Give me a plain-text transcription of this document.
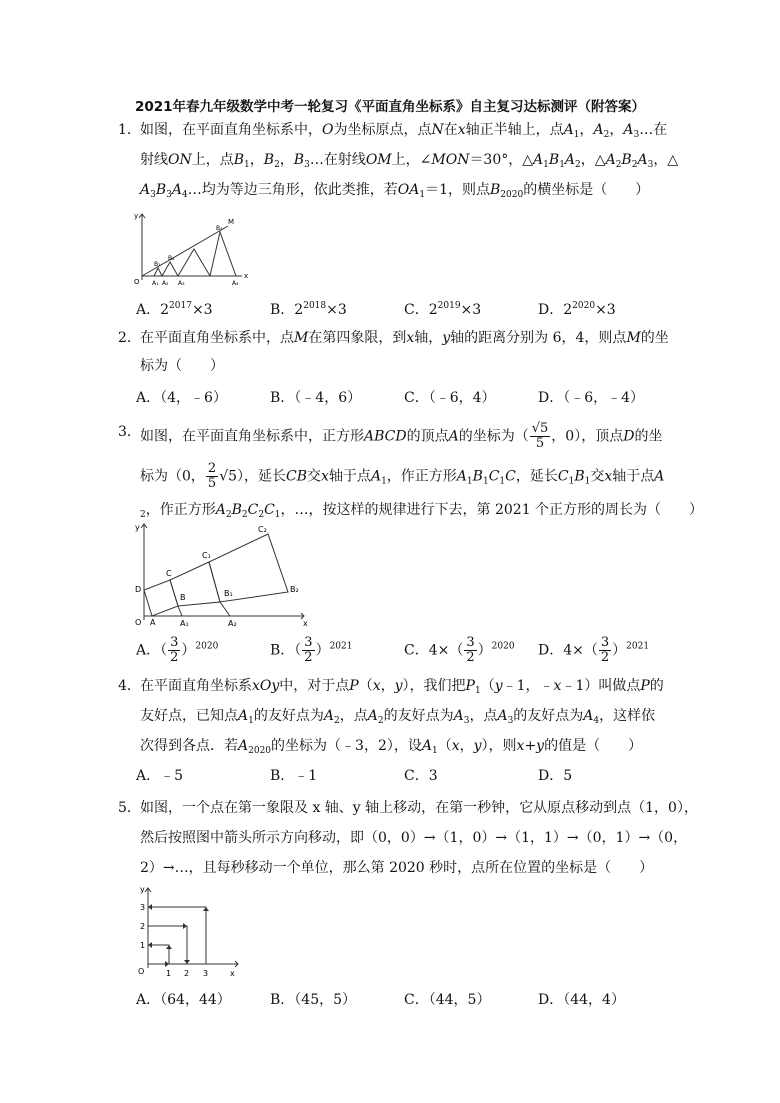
2021年春九年级数学中考一轮复习《平面直角坐标系》自主复习达标测评（附答案）
1． 如图，在平面直角坐标系中，O为坐标原点，点N在x轴正半轴上，点$A_1$，$A_2$，$A_3\dots$在
射线ON上，点$B_1$，$B_2$，$B_3\dots$在射线OM上，∠MON＝30°，$\triangle A_1B_1A_2$，$\triangle A_2B_2A_3$，△
$A_3B_3A_4\dots$均为等边三角形，依此类推，若$OA_1=1$，则点$B_{2020}$的横坐标是（　　）
y
x
O
M
B₁
B₂
B₃
A₁ A₂ A₃	A₄
A．$2^{2017}\times 3$	B．$2^{2018}\times 3$	C．$2^{2019}\times 3$	D．$2^{2020}\times 3$
2． 在平面直角坐标系中，点M在第四象限，到x轴，y轴的距离分别为 6，4，则点M的坐
标为（　　）
A．（4，﹣6）	B．（﹣4，6）	C．（﹣6，4）	D．（﹣6，﹣4）
3． 如图，在平面直角坐标系中，正方形ABCD的顶点A的坐标为（ $\frac{√5}{5}$ ，0），顶点D的坐
标为（0， $\frac{2}{5} √5$），延长CB交x轴于点$A_1$，作正方形$A_1B_1C_1C$，延长$C_1B_1$交x轴于点A
$_2$，作正方形$A_2B_2C_2C_1$，…，按这样的规律进行下去，第 2021 个正方形的周长为（　　）
x
y
O A
B
C
D
A₁	A₂
B₁	B₂
C₁
C₂
A．（ $\frac{3}{2} )^{2020}$	B．（ $\frac{3}{2} )^{2021}$	C．$4\times( \frac{3}{2} )^{2020}$ D．$4\times( \frac{3}{2} )^{2021}$
4． 在平面直角坐标系xOy中，对于点P（x，y），我们把$P_1(y﹣1$，﹣x﹣1）叫做点P的
友好点，已知点$A_1$的友好点为$A_2$，点$A_2$的友好点为$A_3$，点$A_3$的友好点为$A_4$，这样依
次得到各点．若$A_{2020}$的坐标为（﹣3，2），设$A_1(x$，y），则x+y的值是（　　）
A．﹣5	B．﹣1	C．3	D．5
5． 如图，一个点在第一象限及 x 轴、y 轴上移动，在第一秒钟，它从原点移动到点（1，0），
然后按照图中箭头所示方向移动，即（0，0）→（1，0）→（1，1）→（0，1）→（0，
2）→…，且每秒移动一个单位，那么第 2020 秒时，点所在位置的坐标是（　　）
y
x
O	1 2 3
1
2
3
A．（64，44）	B．（45，5）	C．（44，5）	D．（44，4）
